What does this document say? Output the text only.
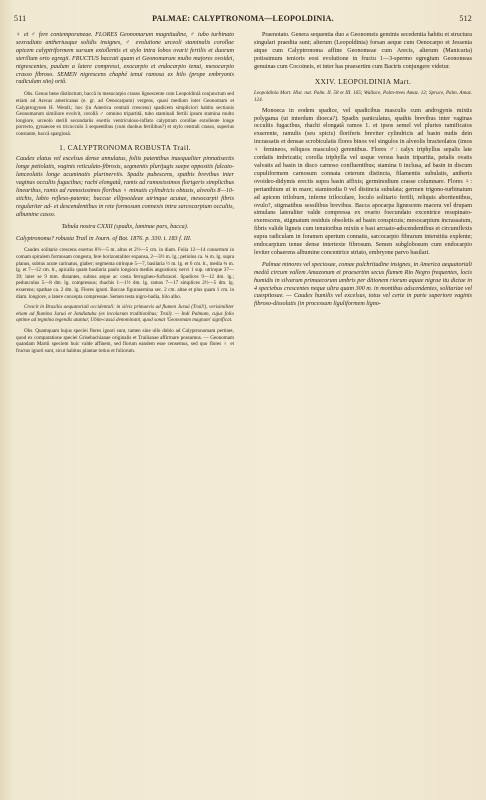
511	PALMAE: CALYPTRONOMA—LEOPOLDINIA.	512

♀ et ♂ fere contemporaneae. FLORES Geonomarum magnitudine, ♂ tubo turbinato sexradiato antheriusque solidis insignes, ♂ evolutione urceoli staminalis corollae apicem calyptriformem sursum extollentis et stylo intra lobos ovarii fertilis et duorum sterilium orto egregii. FRUCTUS baccati quam ei Geonomarum multo majores ovoidei, nigrescentes, paulum a latere compressi, exocarpio et endocarpio tenui, mesocarpio crasso fibroso. SEMEN nigrescens chaphé tenui ramosa ex hilo (prope embryonis radiculam sito) ortâ.

Obs. Genus bene distinctum, baccâ in mesocarpio crasso lignescente cum Leopoldiniâ conjunctum sed etiam ad Arecas americanas (e. gr. ad Oenocarpum) vergens, quasi medium inter Geonomam et Calyptrogynen H. Wendl.; hoc (in America centrali crescens) spadicem simpliciori habitu sectionis Geonomarum similiore evolvit, corollâ ♂ omnino tripartitâ, tubo staminali fertili ipsum stamina multo longiore, urceolo sterili secundariis exertis ventriculoso-inflato calyptram corollae extollente longe porrecto, gynaecee ex tricocculo 3 sequentibus (cum duobus fertilibus?) et stylo centrali crasso, superius constante, baccâ spargiosâ.

1. CALYPTRONOMA ROBUSTA Trail.

Caudex elatus vel excelsus dense annulatus, foliis patentibus inaequaliter pinnatisectis longe petiolatis, vaginis reticulato-fibrosis, segmentis plurijugis saepe oppositis falcato-lanceolatis longe acuminatis plurinerviis. Spadix pubescens, spathis brevibus inter vaginas occultis fugacibus; rachi elongatâ, ramis ad ramosissimos florigeris simplicibus linearibus, ramis ad ramosissimos floribus ♀ minutis cylindricis obtusis, alveolis 8—10-stichis, labio reflexo-patente; baccae ellipsoideae utrinque acutae, mesocarpii fibris regulariter ad- et descendentibus in rete formosum connexis intra sarcocarpium occultis, albumine casso.

Tabula nostra CXXII (spadix, laminae pars, bacca).

Calyptronoma? robusta Trail in Journ. of Bot. 1876. p. 330. t. 183 f. III.

Caudex solitarie crescens exertus 8½—5 m. altus et 2½—5 cm. in diam. Folia 12—14 consertum in comam spiralem formosam congesta, fere horizontaliter expansa, 2—3½ m. lg.; petiolus ca. ¾ m. lg. supra planus, subtus acute carinatus, glaber; segmenta utrinque 5—7, basilaria ½ m. lg. et 6 cm. lt., media ¾ m. lg. et 7—12 cm. lt., apicalia quam basilaria paulo longiora mediis angustiora; nervi 1 sup. utrinque 37—39; inter se 9 mm. distantes, subtus atque ac costa ferrugineo-furfuracei. Spadices 9—12 dm. lg.; pedunculus 5—8 dm. lg. compressus; rhachis 1—1½ dm. lg. ramos 7—17 simplices 2½—5 dm. lg. exserens; spathae ca. 2 dm. lg. Flores ignoti. Baccae figurasemina sec. 2 cm. altae et plus quam 1 cm. in diam. longiore, a latere concepta compressae. Semen testa nigro-badia, hilo albo.

Crescit in Brasilia aequatoriali occidentali: in silvis primaevis ad flumen Juruá (Trail!), verisimiliter etiam ad flumina Juruá et Jandiatuba (ex incolarum traditionibus; Trail). — Indi Palmam, cujus folio optime ad tegmina tegendis utuntur, Ubim-cassá denominant, quod sonat 'Geonomam magnam' significat.

Obs. Quamquam hujus speciei flores ignoti sunt, tamen sine ullo dubio ad Calyptronomam pertinet, quod ex comparatione speciei Grisebachianae originalis et Trailianae affirmare possumus. — Geonomam quandam Martii speciem huic valde affinem, sed florum eandem esse censemus, sed quo flores ♀ et fructus ignoti sunt, sicut habitus plantae totius et foliorum.

Praenotato. Genera sequentia duo a Geonomeis geminis secedentia habitu et structura singulari praedita sunt; alterum (Leopoldinia) forsan aeque cum Oenocarpo et Jessenia atque cum Calyptronoma affine Geonomeae cum Arecis, alterum (Manicaria) potissimum tenioris eosi evolutione in fructu 1—3-spermo egregium Geonomeas genuinas cum Cocoineis, et inter has praesertim cum Bactris conjungere videtur.

XXIV. LEOPOLDINIA Mart.

Leopoldinia Mart. Hist. nat. Palm. II. 58 et III. 165; Wallace, Palm-trees Amaz. 12; Spruce, Palm. Amaz. 124.

Monoeca in eodem spadice, vel spadicibus masculis cum androgynis mixtis polygama (ut interdum dioeca?). Spadix paniculatus, spathis brevibus inter vaginas occultis fugacibus, rhachi elongatâ ramos 1. et ipsos semel vel pluries ramificatos exserente, ramulis (seu spicis) floriferis breviter cylindricis ad basin nudis dein incrassatis et densae scrobiculatis flores binos vel singulos in alveolis bracteolatos (imos ♀ femineos, reliquos masculos) gerentibus. Flores ♂: calyx triphyllus sepalis late cordatis imbricatis; corolla triphylla vel usque versus basin tripartita, petalis ovatis valvatis ad basin in disco carnoso confluentibus; stamina 6 inclusa, ad basin in discum cupuliformem carnosum connata ceterum distincta, filamentis subulatis, antheris ovoideo-didymis erectis supra basin affixis; germinodium crasse columnare. Flores ♀: perianthium ut in mare; staminodia 0 vel distincta subulata; germen trigono-turbinatum ad apicem triloburn, inferne triloculare, loculo solitario fertili, reliquis abortientibus, ovulo?, stigmatibus sessilibus brevibus. Bacca apocarpa lignescens macera vel drupam simulans lateraliter valde compressa ex ovario foecundato excentrice resupinato-exerescens, stigmatum residuis obsoletis ad basin conspicuis; mesocarpium incrassatum, fibris valide ligneis cum tenuioribus mixtis e basi arcuato-adscendentibus et circumflexis supra radiculam in foramen apertum connatis, sarcocarpio fibrarum interstitia explente; endocarpium tenue dense intertexte fibrosum. Semen subglobosum cum endocarpio leviter cohaerens albumine concentrice striato, embryone parvo basilari.

Palmae minores vel speciosae, comae pulchritudine insignes, in America aequatoriali mediâ circum vallem Amazonum et praesertim secus flumen Rio Negro frequentes, locis humidis in silvarum primaecorum umbris per ditionem riorum aquae nigrae itu dictae in 4 speciebus crescentes neque ultra quam 300 m. in montibus adscendentes, solitariae vel caespitosae. — Caudex humilis vel excelsus, totus vel certe in parte superiore vaginis fibroso-dissolutis (in processum liguliformem ligno-
